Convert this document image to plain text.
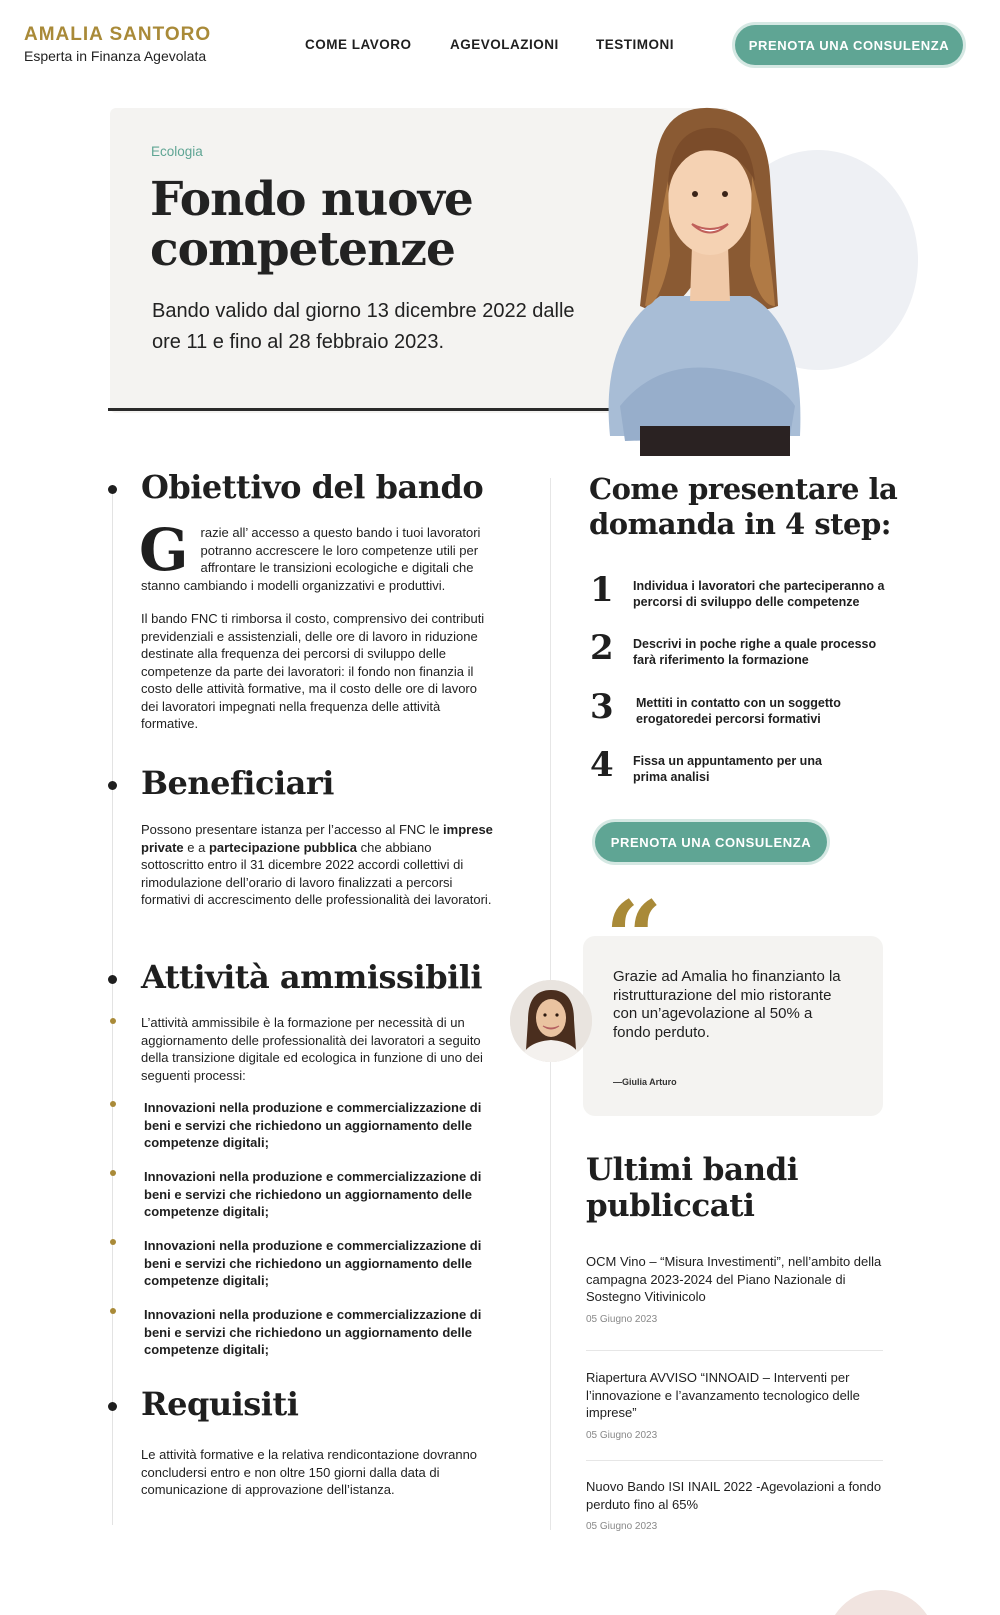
AMALIA SANTORO
Esperta in Finanza Agevolata
COME LAVORO	AGEVOLAZIONI	TESTIMONI	PRENOTA UNA CONSULENZA
Ecologia
Fondo nuove competenze
Bando valido dal giorno 13 dicembre 2022 dalle ore 11 e fino al 28 febbraio 2023.
Obiettivo del bando
G razie all’ accesso a questo bando i tuoi lavoratori potranno accrescere le loro competenze utili per affrontare le transizioni ecologiche e digitali che stanno cambiando i modelli organizzativi e produttivi.
Il bando FNC ti rimborsa il costo, comprensivo dei contributi previdenziali e assistenziali, delle ore di lavoro in riduzione destinate alla frequenza dei percorsi di sviluppo delle competenze da parte dei lavoratori: il fondo non finanzia il costo delle attività formative, ma il costo delle ore di lavoro dei lavoratori impegnati nella frequenza delle attività formative.
Beneficiari
Possono presentare istanza per l’accesso al FNC le imprese private e a partecipazione pubblica che abbiano sottoscritto entro il 31 dicembre 2022 accordi collettivi di rimodulazione dell’orario di lavoro finalizzati a percorsi formativi di accrescimento delle professionalità dei lavoratori.
Attività ammissibili
L’attività ammissibile è la formazione per necessità di un aggiornamento delle professionalità dei lavoratori a seguito della transizione digitale ed ecologica in funzione di uno dei seguenti processi:
Innovazioni nella produzione e commercializzazione di beni e servizi che richiedono un aggiornamento delle competenze digitali;
Innovazioni nella produzione e commercializzazione di beni e servizi che richiedono un aggiornamento delle competenze digitali;
Innovazioni nella produzione e commercializzazione di beni e servizi che richiedono un aggiornamento delle competenze digitali;
Innovazioni nella produzione e commercializzazione di beni e servizi che richiedono un aggiornamento delle competenze digitali;
Requisiti
Le attività formative e la relativa rendicontazione dovranno concludersi entro e non oltre 150 giorni dalla data di comunicazione di approvazione dell’istanza.
Come presentare la domanda in 4 step:
1 Individua i lavoratori che parteciperanno a percorsi di sviluppo delle competenze
2 Descrivi in poche righe a quale processo farà riferimento la formazione
3 Mettiti in contatto con un soggetto erogatoredei percorsi formativi
4 Fissa un appuntamento per una prima analisi
PRENOTA UNA CONSULENZA
“
Grazie ad Amalia ho finanzianto la ristrutturazione del mio ristorante con un’agevolazione al 50% a fondo perduto.
—Giulia Arturo
Ultimi bandi publiccati
OCM Vino – “Misura Investimenti”, nell’ambito della campagna 2023-2024 del Piano Nazionale di Sostegno Vitivinicolo
05 Giugno 2023
Riapertura AVVISO “INNOAID – Interventi per l’innovazione e l’avanzamento tecnologico delle imprese”
05 Giugno 2023
Nuovo Bando ISI INAIL 2022 -Agevolazioni a fondo perduto fino al 65%
05 Giugno 2023
